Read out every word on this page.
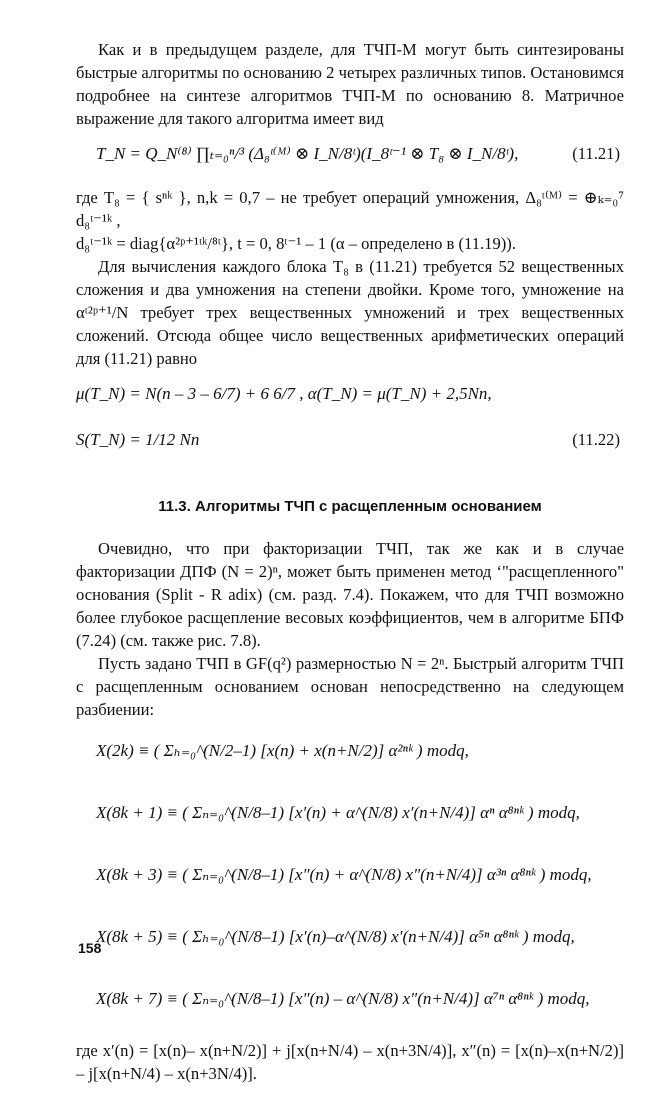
Как и в предыдущем разделе, для ТЧП-М могут быть синтезированы быстрые алгоритмы по основанию 2 четырех различных типов. Остановимся подробнее на синтезе алгоритмов ТЧП-М по основанию 8. Матричное выражение для такого алгоритма имеет вид

T_N = Q_N⁽⁸⁾ ∏ₜ₌₀ⁿ/³ (Δ₈ᵗ⁽ᴹ⁾ ⊗ I_N/8ᵗ)(I_8ᵗ⁻¹ ⊗ T₈ ⊗ I_N/8ᵗ),	(11.21)

где T₈ = { sⁿᵏ }, n,k = 0,7 – не требует операций умножения, Δ₈ᵗ⁽ᴹ⁾ = ⊕ₖ₌₀⁷ d₈ᵗ⁻¹ᵏ ,

d₈ᵗ⁻¹ᵏ = diag{α²ᵖ⁺¹ᵗᵏ/⁸ᵗ}, t = 0, 8ᵗ⁻¹ – 1 (α – определено в (11.19)).

Для вычисления каждого блока T₈ в (11.21) требуется 52 вещественных сложения и два умножения на степени двойки. Кроме того, умножение на αᵗ²ᵖ⁺¹/N требует трех вещественных умножений и трех вещественных сложений. Отсюда общее число вещественных арифметических операций для (11.21) равно

μ(T_N) = N(n – 3 – 6/7) + 6 6/7 , α(T_N) = μ(T_N) + 2,5Nn,
S(T_N) = 1/12 Nn	(11.22)
11.3. Алгоритмы ТЧП с расщепленным основанием

Очевидно, что при факторизации ТЧП, так же как и в случае факторизации ДПФ (N = 2)ⁿ, может быть применен метод ‘"расщепленного" основания (Split - R adix) (см. разд. 7.4). Покажем, что для ТЧП возможно более глубокое расщепление весовых коэффициентов, чем в алгоритме БПФ (7.24) (см. также рис. 7.8).

Пусть задано ТЧП в GF(q²) размерностью N = 2ⁿ. Быстрый алгоритм ТЧП с расщепленным основанием основан непосредственно на следующем разбиении:

X(2k) ≡ ( Σₕ₌₀^(N/2–1) [x(n) + x(n+N/2)] α²ⁿᵏ ) modq,
X(8k + 1) ≡ ( Σₙ₌₀^(N/8–1) [x′(n) + α^(N/8) x′(n+N/4)] αⁿ α⁸ⁿᵏ ) modq,
X(8k + 3) ≡ ( Σₙ₌₀^(N/8–1) [x″(n) + α^(N/8) x″(n+N/4)] α³ⁿ α⁸ⁿᵏ ) modq,
X(8k + 5) ≡ ( Σₕ₌₀^(N/8–1) [x′(n)–α^(N/8) x′(n+N/4)] α⁵ⁿ α⁸ⁿᵏ ) modq,
X(8k + 7) ≡ ( Σₙ₌₀^(N/8–1) [x″(n) – α^(N/8) x″(n+N/4)] α⁷ⁿ α⁸ⁿᵏ ) modq,

где x′(n) = [x(n)– x(n+N/2)] + j[x(n+N/4) – x(n+3N/4)], x″(n) = [x(n)–x(n+N/2)] – j[x(n+N/4) – x(n+3N/4)].

158
